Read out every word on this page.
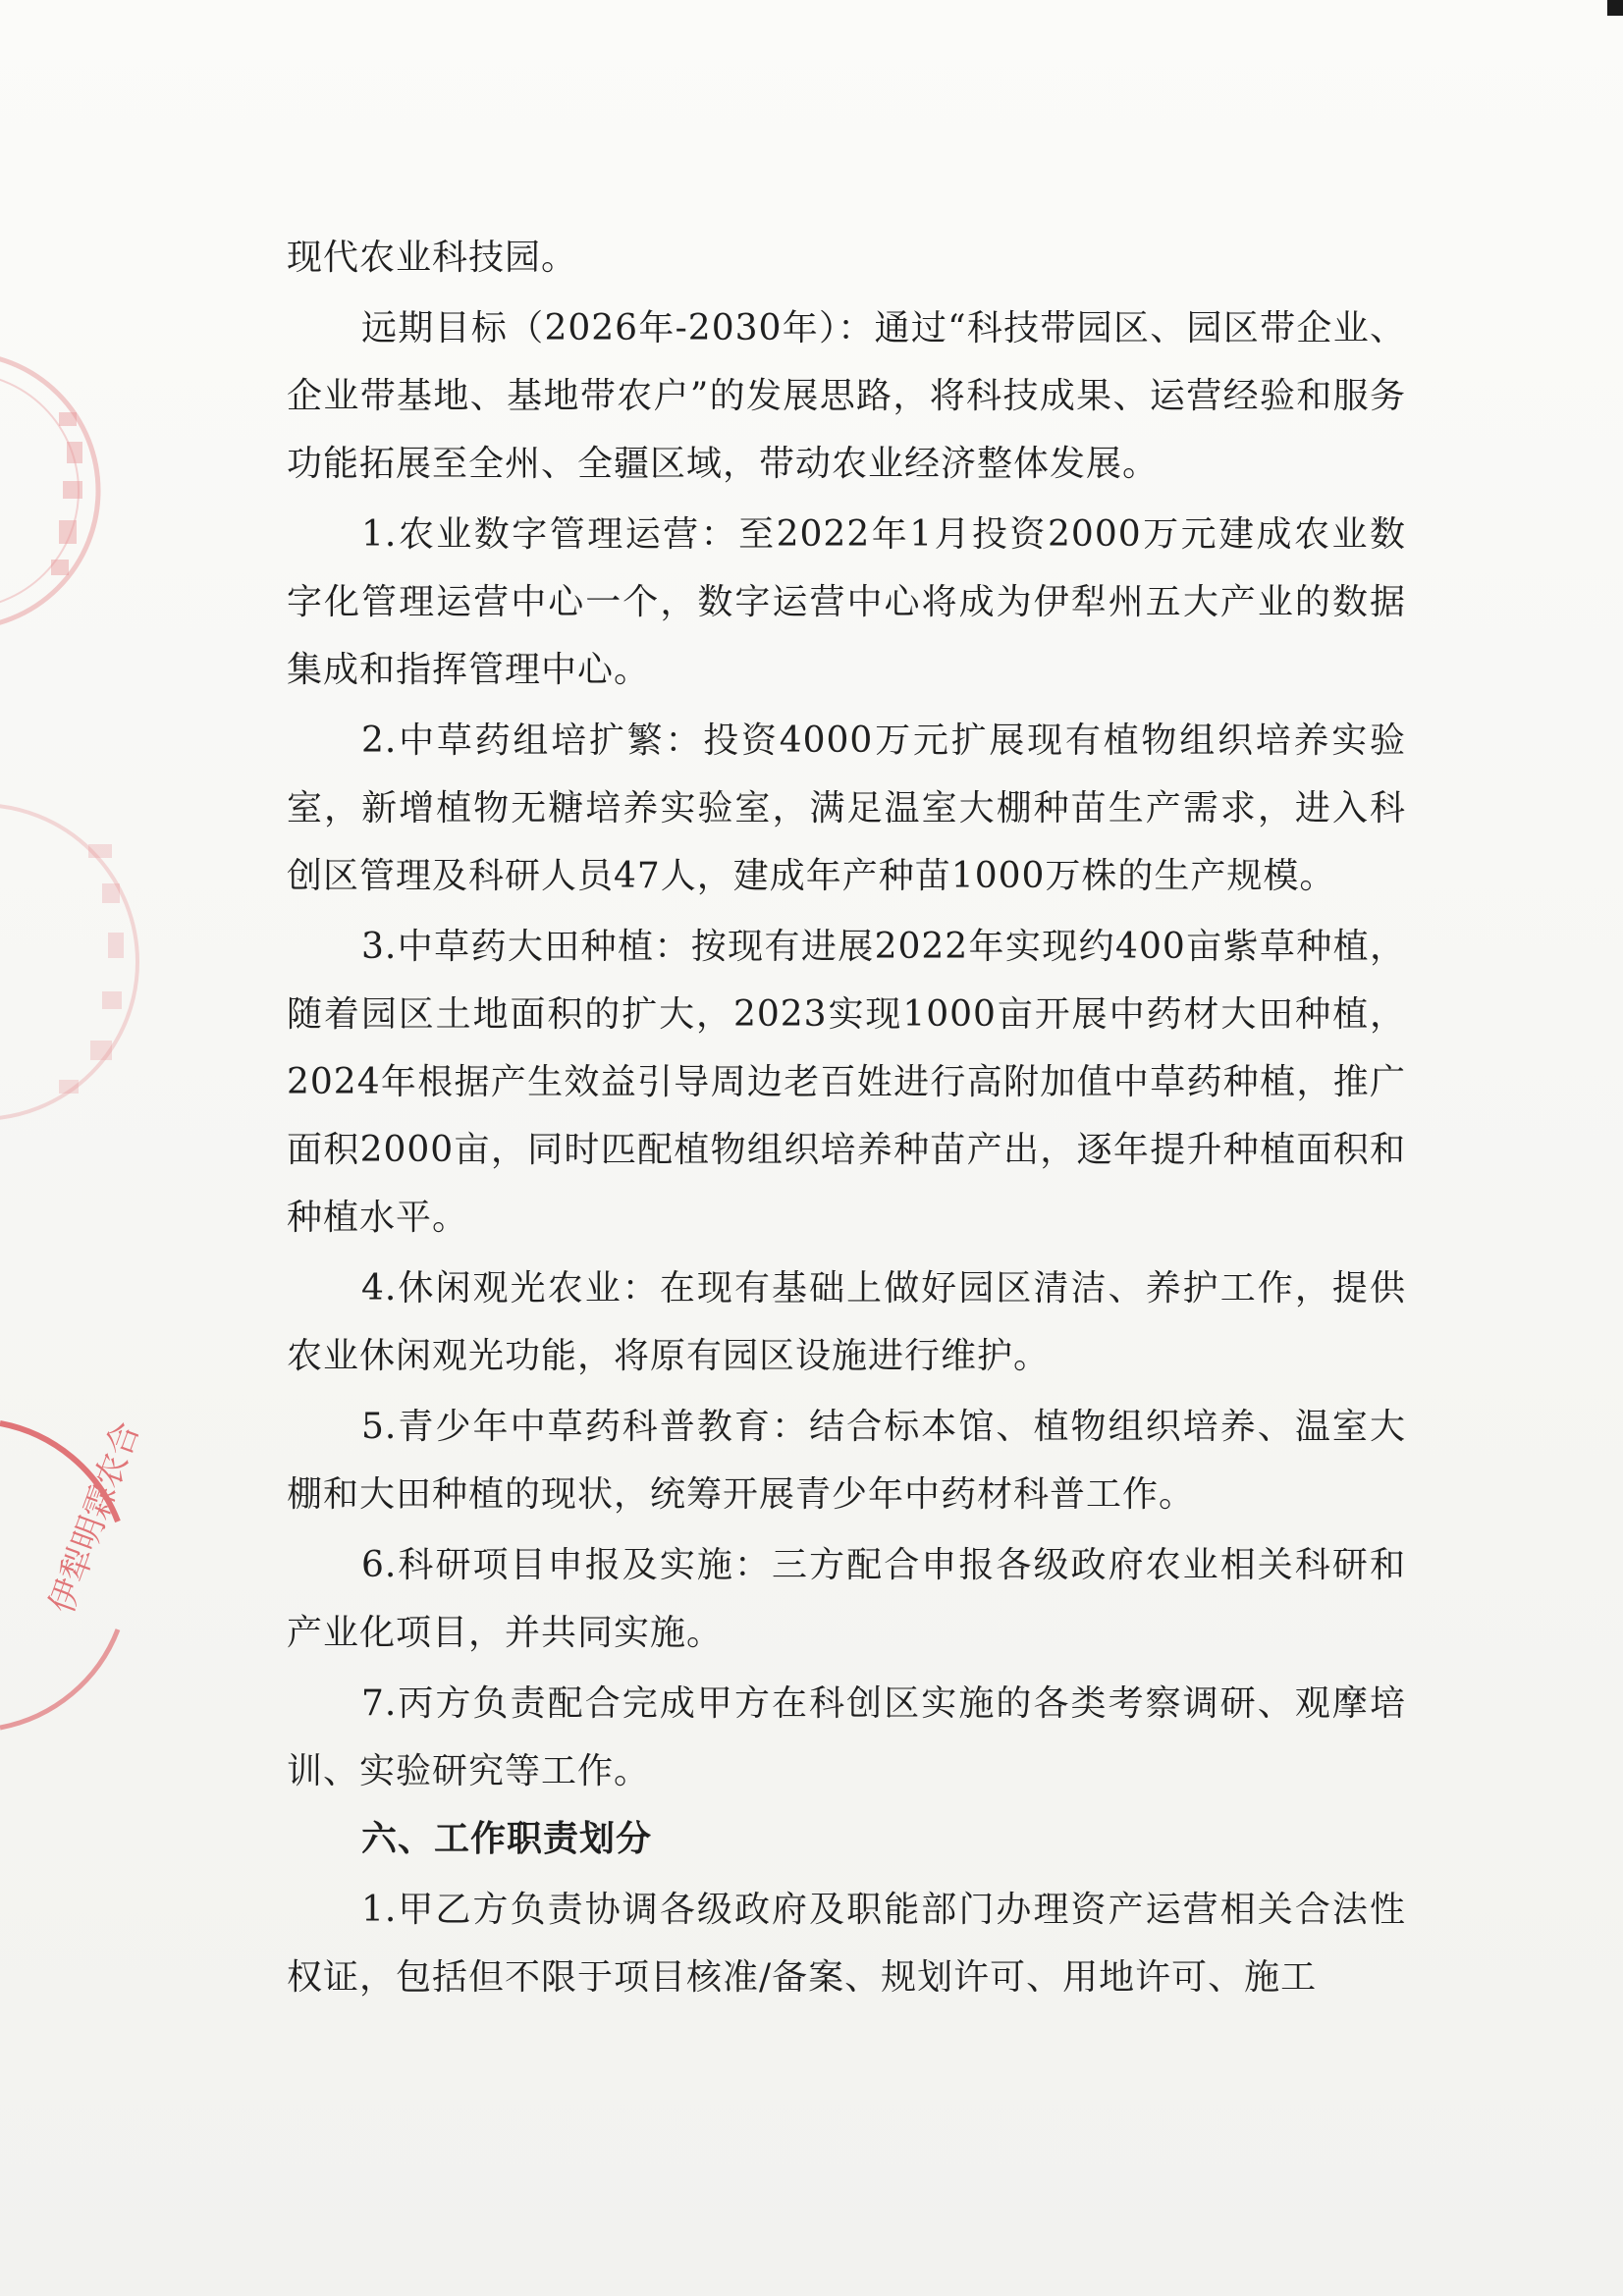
伊犁明霖农合

现代农业科技园。

远期目标（2026年-2030年）：通过“科技带园区、园区带企业、企业带基地、基地带农户”的发展思路，将科技成果、运营经验和服务功能拓展至全州、全疆区域，带动农业经济整体发展。

1.农业数字管理运营：至2022年1月投资2000万元建成农业数字化管理运营中心一个，数字运营中心将成为伊犁州五大产业的数据集成和指挥管理中心。

2.中草药组培扩繁：投资4000万元扩展现有植物组织培养实验室，新增植物无糖培养实验室，满足温室大棚种苗生产需求，进入科创区管理及科研人员47人，建成年产种苗1000万株的生产规模。

3.中草药大田种植：按现有进展2022年实现约400亩紫草种植，随着园区土地面积的扩大，2023实现1000亩开展中药材大田种植，2024年根据产生效益引导周边老百姓进行高附加值中草药种植，推广面积2000亩，同时匹配植物组织培养种苗产出，逐年提升种植面积和种植水平。

4.休闲观光农业：在现有基础上做好园区清洁、养护工作，提供农业休闲观光功能，将原有园区设施进行维护。

5.青少年中草药科普教育：结合标本馆、植物组织培养、温室大棚和大田种植的现状，统筹开展青少年中药材科普工作。

6.科研项目申报及实施：三方配合申报各级政府农业相关科研和产业化项目，并共同实施。

7.丙方负责配合完成甲方在科创区实施的各类考察调研、观摩培训、实验研究等工作。

六、工作职责划分

1.甲乙方负责协调各级政府及职能部门办理资产运营相关合法性权证，包括但不限于项目核准/备案、规划许可、用地许可、施工
